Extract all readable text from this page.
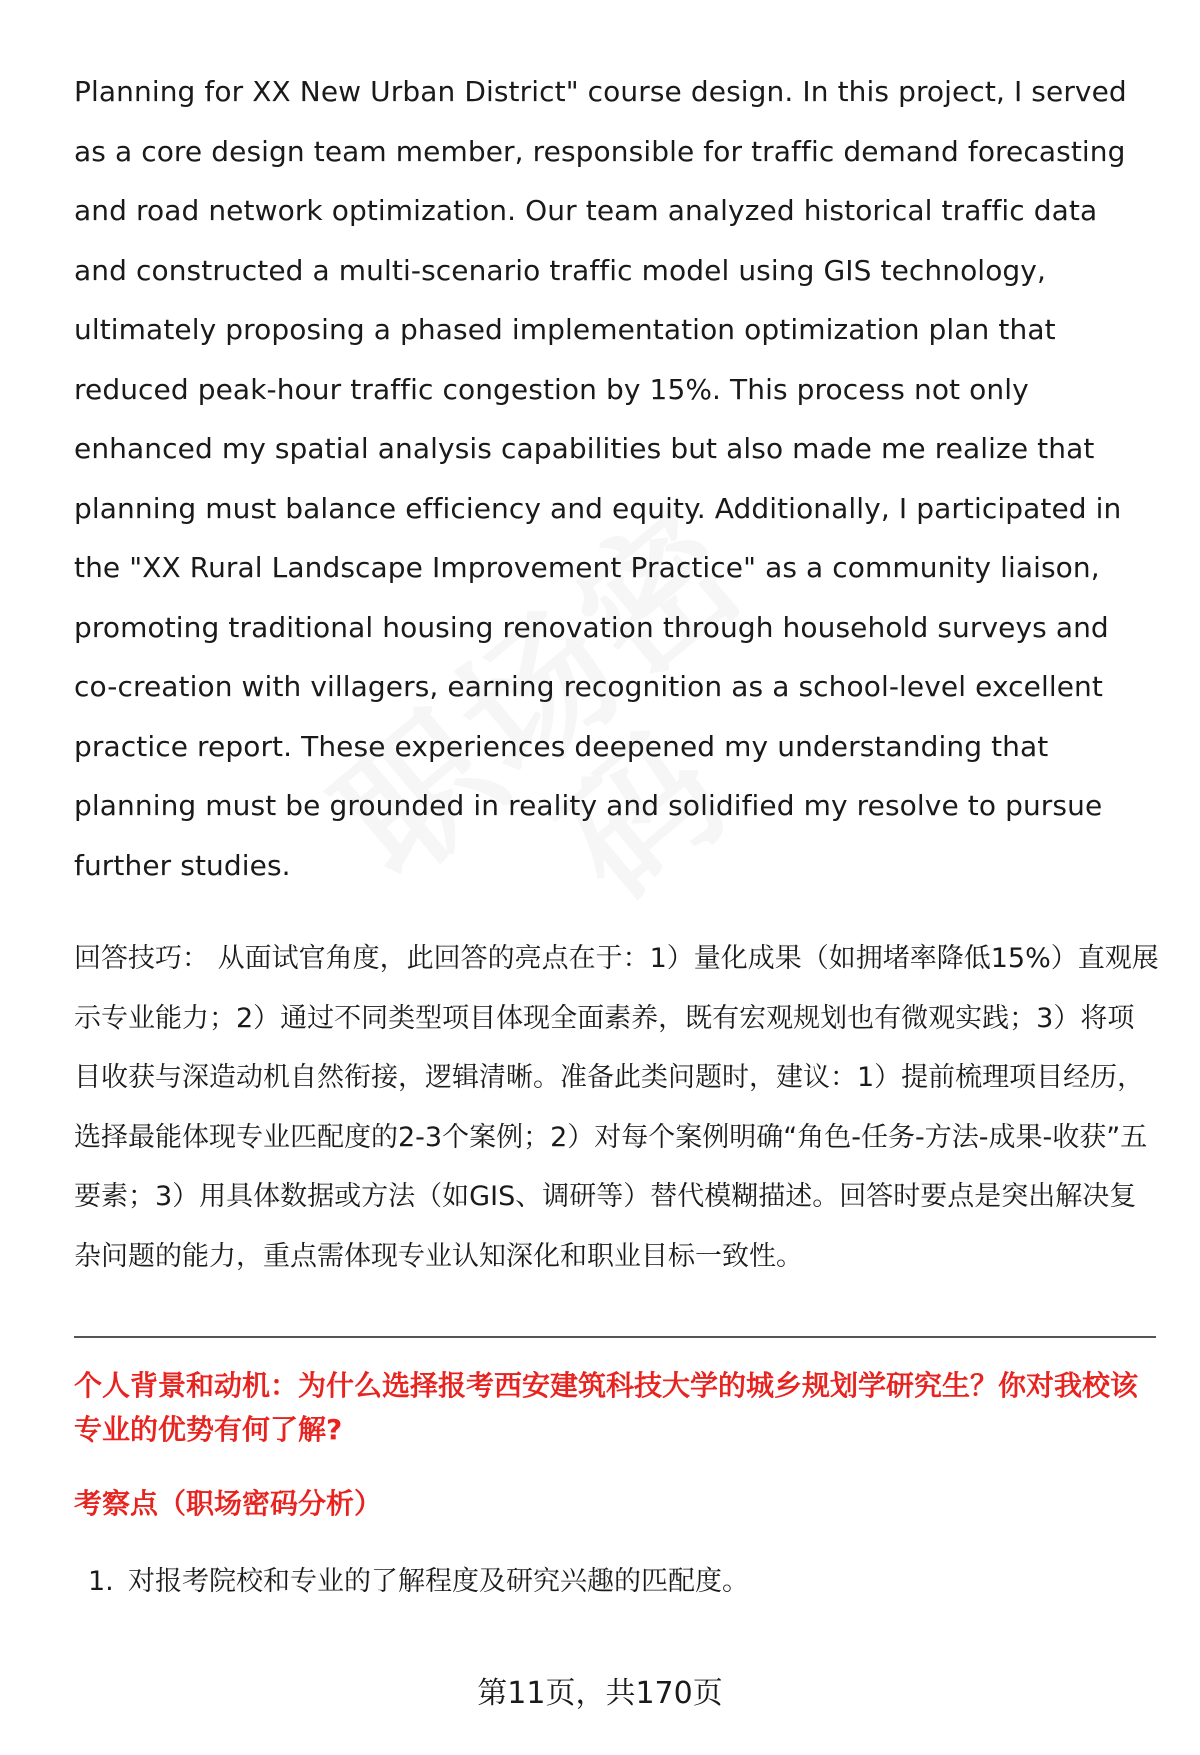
Planning for XX New Urban District" course design. In this project, I served as a core design team member, responsible for traffic demand forecasting and road network optimization. Our team analyzed historical traffic data and constructed a multi-scenario traffic model using GIS technology, ultimately proposing a phased implementation optimization plan that reduced peak-hour traffic congestion by 15%. This process not only enhanced my spatial analysis capabilities but also made me realize that planning must balance efficiency and equity. Additionally, I participated in the "XX Rural Landscape Improvement Practice" as a community liaison, promoting traditional housing renovation through household surveys and co-creation with villagers, earning recognition as a school-level excellent practice report. These experiences deepened my understanding that planning must be grounded in reality and solidified my resolve to pursue further studies.

回答技巧： 从面试官角度，此回答的亮点在于：1）量化成果（如拥堵率降低15%）直观展示专业能力；2）通过不同类型项目体现全面素养，既有宏观规划也有微观实践；3）将项目收获与深造动机自然衔接，逻辑清晰。准备此类问题时，建议：1）提前梳理项目经历，选择最能体现专业匹配度的2-3个案例；2）对每个案例明确“角色-任务-方法-成果-收获”五要素；3）用具体数据或方法（如GIS、调研等）替代模糊描述。回答时要点是突出解决复杂问题的能力，重点需体现专业认知深化和职业目标一致性。

个人背景和动机：为什么选择报考西安建筑科技大学的城乡规划学研究生？你对我校该专业的优势有何了解?
考察点（职场密码分析）
1. 对报考院校和专业的了解程度及研究兴趣的匹配度。
第11页，共170页
